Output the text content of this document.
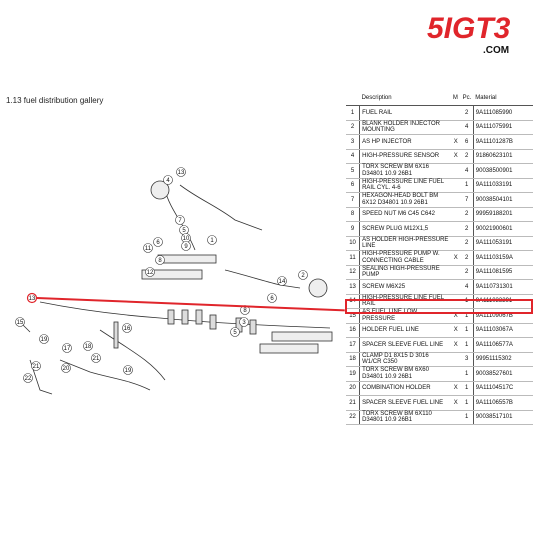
5IGT3
.COM
1.13 fuel distribution gallery
13
4
7
5
1
10
9
6
11
8
12
13
14
2
15
16
17 18
19
20
21
22
3
5
6
8
19
21
	Description	M	Pc.	Material
1	FUEL RAIL		2	9A111085990
2	BLANK HOLDER INJECTOR MOUNTING		4	9A111075991
3	AS HP INJECTOR	X	6	9A11101287B
4	HIGH-PRESSURE SENSOR	X	2	91860623101
5	TORX SCREW BM 6X16 D34801 10.9 26B1		4	90038500901
6	HIGH-PRESSURE LINE FUEL RAIL CYL. 4-6		1	9A111033191
7	HEXAGON-HEAD BOLT BM 6X12 D34801 10.9 26B1		7	90038504101
8	SPEED NUT M6 C45 C642		2	99959188201
9	SCREW PLUG M12X1,5		2	90021900601
10	AS HOLDER HIGH-PRESSURE LINE		2	9A111053191
11	HIGH-PRESSURE PUMP W. CONNECTING CABLE	X	2	9A11103159A
12	SEALING HIGH-PRESSURE PUMP		2	9A111081595
13	SCREW M6X25		4	9A110731301
14	HIGH-PRESSURE LINE FUEL RAIL		1	9A111033291
15	AS FUEL LINE LOW PRESSURE	X	1	9A11109067B
16	HOLDER FUEL LINE	X	1	9A11103067A
17	SPACER SLEEVE FUEL LINE	X	1	9A11106577A
18	CLAMP D1 8X15 D 3016 W1/CR C350		3	99951115302
19	TORX SCREW BM 6X60 D34801 10.9 26B1		1	90038527601
20	COMBINATION HOLDER	X	1	9A11104517C
21	SPACER SLEEVE FUEL LINE	X	1	9A11106557B
22	TORX SCREW BM 6X110 D34801 10.9 26B1		1	90038517101
